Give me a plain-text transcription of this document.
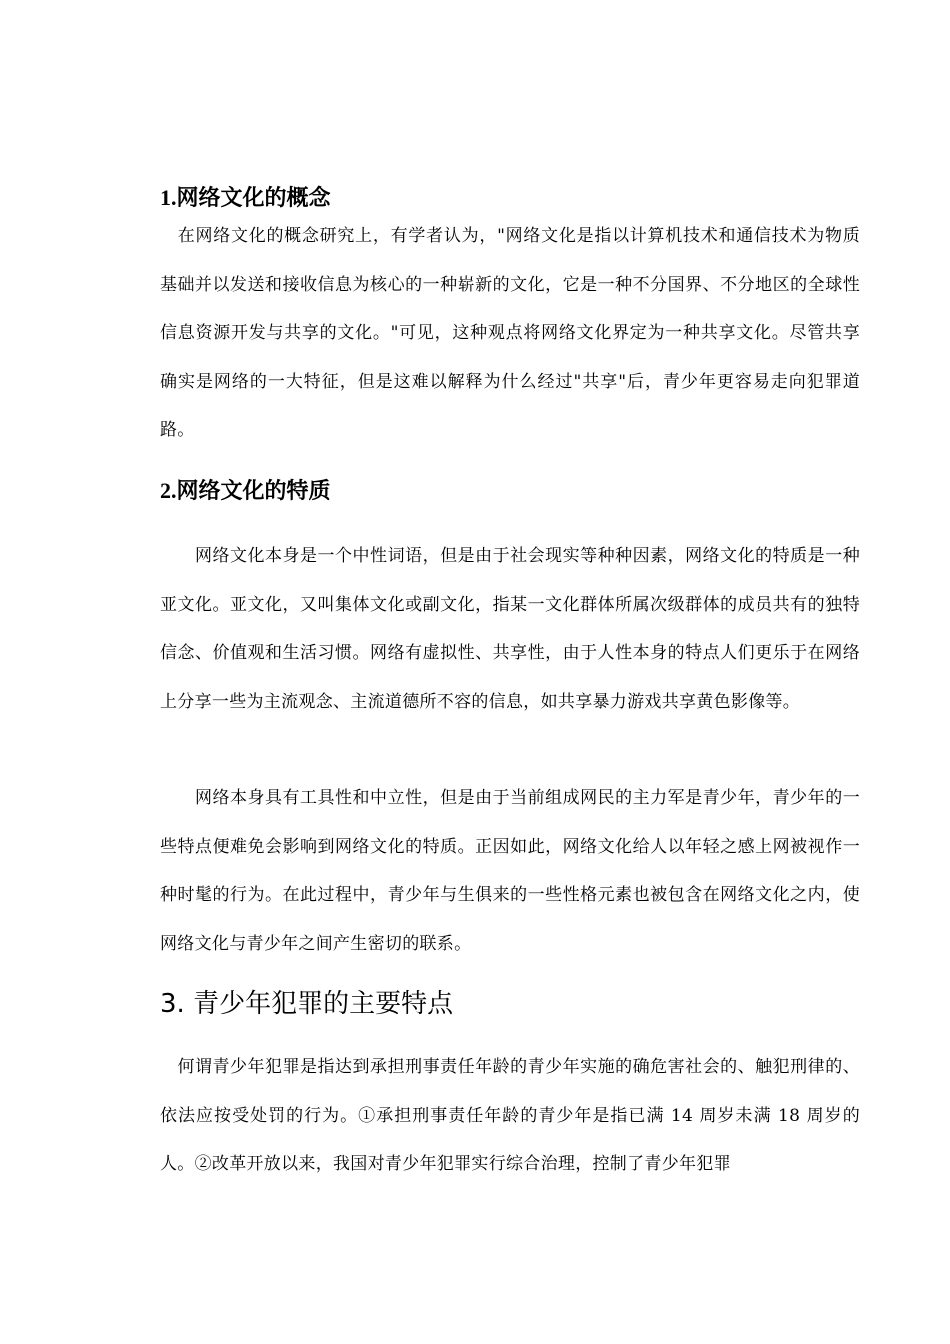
1.网络文化的概念

　在网络文化的概念研究上，有学者认为，"网络文化是指以计算机技术和通信技术为物质基础并以发送和接收信息为核心的一种崭新的文化，它是一种不分国界、不分地区的全球性信息资源开发与共享的文化。"可见，这种观点将网络文化界定为一种共享文化。尽管共享确实是网络的一大特征，但是这难以解释为什么经过"共享"后，青少年更容易走向犯罪道路。

2.网络文化的特质

　　网络文化本身是一个中性词语，但是由于社会现实等种种因素，网络文化的特质是一种亚文化。亚文化，又叫集体文化或副文化，指某一文化群体所属次级群体的成员共有的独特信念、价值观和生活习惯。网络有虚拟性、共享性，由于人性本身的特点人们更乐于在网络上分享一些为主流观念、主流道德所不容的信息，如共享暴力游戏共享黄色影像等。

　　网络本身具有工具性和中立性，但是由于当前组成网民的主力军是青少年，青少年的一些特点便难免会影响到网络文化的特质。正因如此，网络文化给人以年轻之感上网被视作一种时髦的行为。在此过程中，青少年与生俱来的一些性格元素也被包含在网络文化之内，使网络文化与青少年之间产生密切的联系。

3. 青少年犯罪的主要特点

　何谓青少年犯罪是指达到承担刑事责任年龄的青少年实施的确危害社会的、触犯刑律的、依法应按受处罚的行为。①承担刑事责任年龄的青少年是指已满 14 周岁未满 18 周岁的人。②改革开放以来，我国对青少年犯罪实行综合治理，控制了青少年犯罪
